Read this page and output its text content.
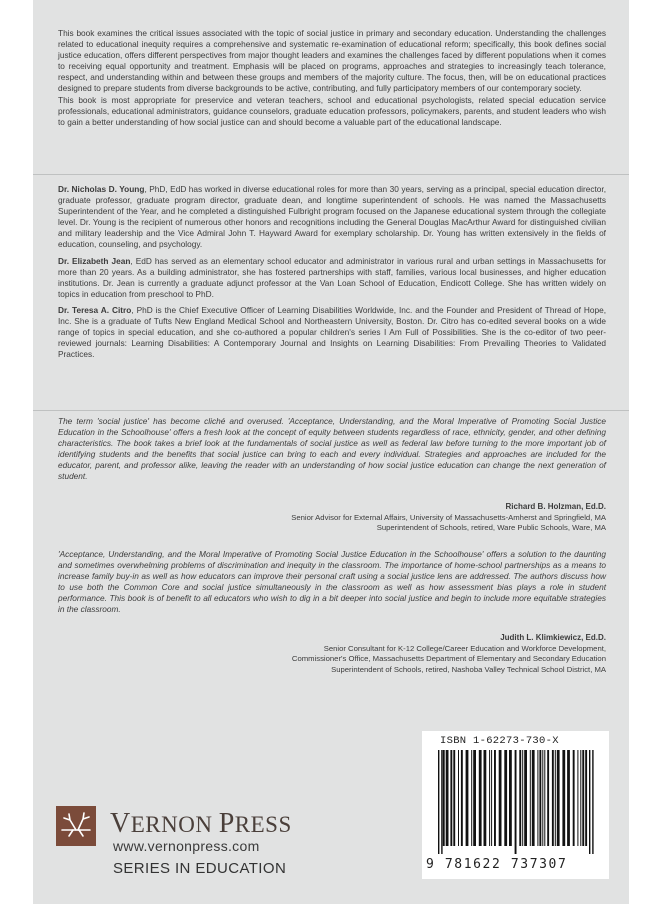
This book examines the critical issues associated with the topic of social justice in primary and secondary education. Understanding the challenges related to educational inequity requires a comprehensive and systematic re-examination of educational reform; specifically, this book defines social justice education, offers different perspectives from major thought leaders and examines the challenges faced by different populations when it comes to receiving equal opportunity and treatment. Emphasis will be placed on programs, approaches and strategies to increasingly teach tolerance, respect, and understanding within and between these groups and members of the majority culture. The focus, then, will be on educational practices designed to prepare students from diverse backgrounds to be active, contributing, and fully participatory members of our contemporary society.

This book is most appropriate for preservice and veteran teachers, school and educational psychologists, related special education service professionals, educational administrators, guidance counselors, graduate education professors, policymakers, parents, and student leaders who wish to gain a better understanding of how social justice can and should become a valuable part of the educational landscape.

Dr. Nicholas D. Young, PhD, EdD has worked in diverse educational roles for more than 30 years, serving as a principal, special education director, graduate professor, graduate program director, graduate dean, and longtime superintendent of schools. He was named the Massachusetts Superintendent of the Year, and he completed a distinguished Fulbright program focused on the Japanese educational system through the collegiate level. Dr. Young is the recipient of numerous other honors and recognitions including the General Douglas MacArthur Award for distinguished civilian and military leadership and the Vice Admiral John T. Hayward Award for exemplary scholarship. Dr. Young has written extensively in the fields of education, counseling, and psychology.

Dr. Elizabeth Jean, EdD has served as an elementary school educator and administrator in various rural and urban settings in Massachusetts for more than 20 years. As a building administrator, she has fostered partnerships with staff, families, various local businesses, and higher education institutions. Dr. Jean is currently a graduate adjunct professor at the Van Loan School of Education, Endicott College. She has written widely on topics in education from preschool to PhD.

Dr. Teresa A. Citro, PhD is the Chief Executive Officer of Learning Disabilities Worldwide, Inc. and the Founder and President of Thread of Hope, Inc. She is a graduate of Tufts New England Medical School and Northeastern University, Boston. Dr. Citro has co-edited several books on a wide range of topics in special education, and she co-authored a popular children's series I Am Full of Possibilities. She is the co-editor of two peer-reviewed journals: Learning Disabilities: A Contemporary Journal and Insights on Learning Disabilities: From Prevailing Theories to Validated Practices.

The term 'social justice' has become cliché and overused. 'Acceptance, Understanding, and the Moral Imperative of Promoting Social Justice Education in the Schoolhouse' offers a fresh look at the concept of equity between students regardless of race, ethnicity, gender, and other defining characteristics. The book takes a brief look at the fundamentals of social justice as well as federal law before turning to the more important job of identifying students and the benefits that social justice can bring to each and every individual. Strategies and approaches are included for the educator, parent, and professor alike, leaving the reader with an understanding of how social justice education can change the next generation of student.

Richard B. Holzman, Ed.D.
Senior Advisor for External Affairs, University of Massachusetts-Amherst and Springfield, MA
Superintendent of Schools, retired, Ware Public Schools, Ware, MA

'Acceptance, Understanding, and the Moral Imperative of Promoting Social Justice Education in the Schoolhouse' offers a solution to the daunting and sometimes overwhelming problems of discrimination and inequity in the classroom. The importance of home-school partnerships as a means to increase family buy-in as well as how educators can improve their personal craft using a social justice lens are addressed. The authors discuss how to use both the Common Core and social justice simultaneously in the classroom as well as how assessment bias plays a role in student performance. This book is of benefit to all educators who wish to dig in a bit deeper into social justice and begin to include more equitable strategies in the classroom.

Judith L. Klimkiewicz, Ed.D.
Senior Consultant for K-12 College/Career Education and Workforce Development,
Commissioner's Office, Massachusetts Department of Elementary and Secondary Education
Superintendent of Schools, retired, Nashoba Valley Technical School District, MA
VERNON PRESS
www.vernonpress.com
SERIES IN EDUCATION
ISBN 1-62273-730-X
9 781622 737307
